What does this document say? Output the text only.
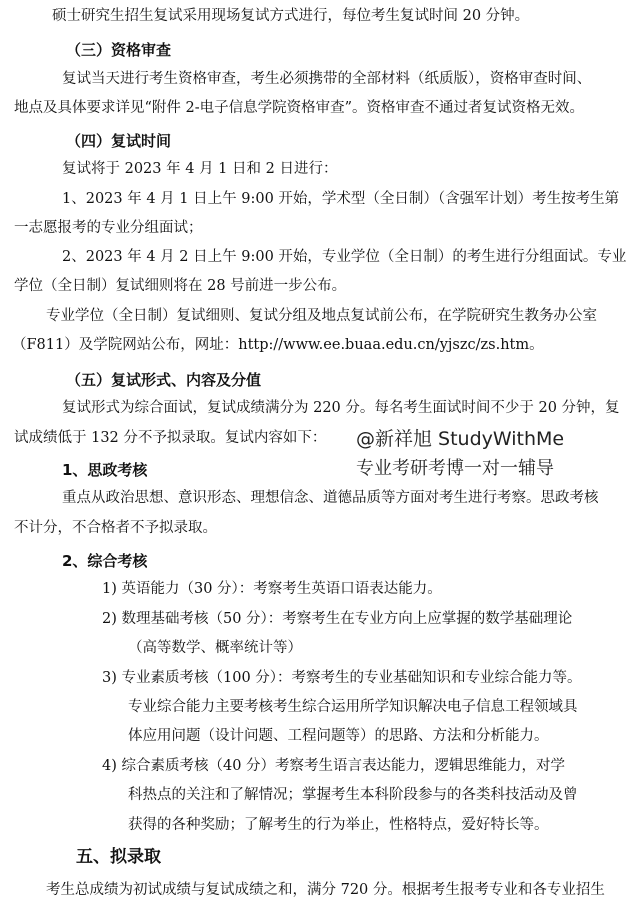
硕士研究生招生复试采用现场复试方式进行，每位考生复试时间 20 分钟。
（三）资格审查
复试当天进行考生资格审查，考生必须携带的全部材料（纸质版），资格审查时间、
地点及具体要求详见“附件 2-电子信息学院资格审查”。资格审查不通过者复试资格无效。
（四）复试时间
复试将于 2023 年 4 月 1 日和 2 日进行：
1、2023 年 4 月 1 日上午 9:00 开始，学术型（全日制）（含强军计划）考生按考生第
一志愿报考的专业分组面试；
2、2023 年 4 月 2 日上午 9:00 开始，专业学位（全日制）的考生进行分组面试。专业
学位（全日制）复试细则将在 28 号前进一步公布。
专业学位（全日制）复试细则、复试分组及地点复试前公布，在学院研究生教务办公室
（F811）及学院网站公布，网址：http://www.ee.buaa.edu.cn/yjszc/zs.htm。
（五）复试形式、内容及分值
复试形式为综合面试，复试成绩满分为 220 分。每名考生面试时间不少于 20 分钟，复
试成绩低于 132 分不予拟录取。复试内容如下：
1、思政考核
重点从政治思想、意识形态、理想信念、道德品质等方面对考生进行考察。思政考核
不计分，不合格者不予拟录取。
2、综合考核
1) 英语能力（30 分）：考察考生英语口语表达能力。
2) 数理基础考核（50 分）：考察考生在专业方向上应掌握的数学基础理论
（高等数学、概率统计等）
3) 专业素质考核（100 分）：考察考生的专业基础知识和专业综合能力等。
专业综合能力主要考核考生综合运用所学知识解决电子信息工程领域具
体应用问题（设计问题、工程问题等）的思路、方法和分析能力。
4) 综合素质考核（40 分）考察考生语言表达能力，逻辑思维能力，对学
科热点的关注和了解情况；掌握考生本科阶段参与的各类科技活动及曾
获得的各种奖励；了解考生的行为举止，性格特点，爱好特长等。
五、拟录取
考生总成绩为初试成绩与复试成绩之和，满分 720 分。根据考生报考专业和各专业招生
@新祥旭 StudyWithMe
专业考研考博一对一辅导
